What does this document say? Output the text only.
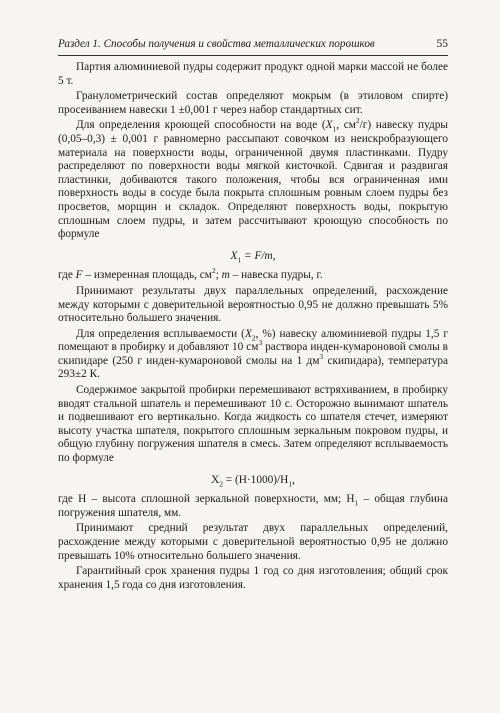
Раздел 1. Способы получения и свойства металлических порошков	55

Партия алюминиевой пудры содержит продукт одной марки массой не более 5 т.

Гранулометрический состав определяют мокрым (в этиловом спирте) просеиванием навески 1 ±0,001 г через набор стандартных сит.

Для определения кроющей способности на воде ($X_1$, $см^2/г$) навеску пудры (0,05–0,3) ± 0,001 г равномерно рассыпают совочком из неискробразующего материала на поверхности воды, ограниченной двумя пластинками. Пудру распределяют по поверхности воды мягкой кисточкой. Сдвигая и раздвигая пластинки, добиваются такого положения, чтобы вся ограниченная ими поверхность воды в сосуде была покрыта сплошным ровным слоем пудры без просветов, морщин и складок. Определяют поверхность воды, покрытую сплошным слоем пудры, и затем рассчитывают кроющую способность по формуле

$X_1 = F/m$,

где F – измеренная площадь, $см^2$; m – навеска пудры, г.

Принимают результаты двух параллельных определений, расхождение между которыми с доверительной вероятностью 0,95 не должно превышать 5% относительно большего значения.

Для определения всплываемости ($X_2$, %) навеску алюминиевой пудры 1,5 г помещают в пробирку и добавляют 10 $см^3$ раствора инден-кумароновой смолы в скипидаре (250 г инден-кумароновой смолы на 1 $дм^3$ скипидара), температура 293±2 К.

Содержимое закрытой пробирки перемешивают встряхиванием, в пробирку вводят стальной шпатель и перемешивают 10 с. Осторожно вынимают шпатель и подвешивают его вертикально. Когда жидкость со шпателя стечет, измеряют высоту участка шпателя, покрытого сплошным зеркальным покровом пудры, и общую глубину погружения шпателя в смесь. Затем определяют всплываемость по формуле

$X_2 = (H\cdot 1000)/H_1$,

где H – высота сплошной зеркальной поверхности, мм; $H_1$ – общая глубина погружения шпателя, мм.

Принимают средний результат двух параллельных определений, расхождение между которыми с доверительной вероятностью 0,95 не должно превышать 10% относительно большего значения.

Гарантийный срок хранения пудры 1 год со дня изготовления; общий срок хранения 1,5 года со дня изготовления.
